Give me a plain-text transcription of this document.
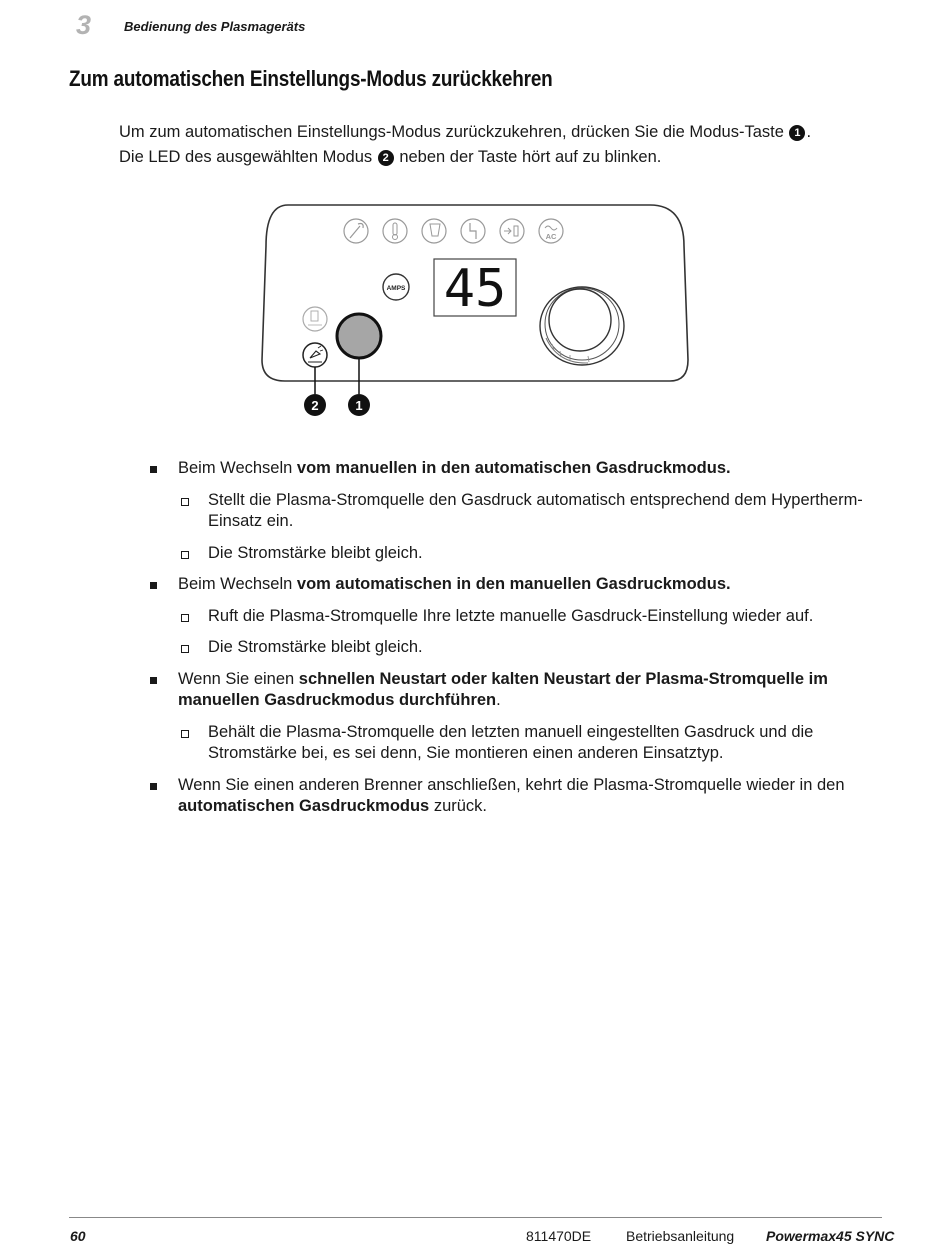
3	Bedienung des Plasmageräts
Zum automatischen Einstellungs-Modus zurückkehren

Um zum automatischen Einstellungs-Modus zurückzukehren, drücken Sie die Modus-Taste 1 .

Die LED des ausgewählten Modus 2 neben der Taste hört auf zu blinken.

AC
AMPS 45
2	1
Beim Wechseln vom manuellen in den automatischen Gasdruckmodus.
Stellt die Plasma-Stromquelle den Gasdruck automatisch entsprechend dem Hypertherm-Einsatz ein.
Die Stromstärke bleibt gleich.
Beim Wechseln vom automatischen in den manuellen Gasdruckmodus.
Ruft die Plasma-Stromquelle Ihre letzte manuelle Gasdruck-Einstellung wieder auf.
Die Stromstärke bleibt gleich.
Wenn Sie einen schnellen Neustart oder kalten Neustart der Plasma-Stromquelle im manuellen Gasdruckmodus durchführen.
Behält die Plasma-Stromquelle den letzten manuell eingestellten Gasdruck und die Stromstärke bei, es sei denn, Sie montieren einen anderen Einsatztyp.
Wenn Sie einen anderen Brenner anschließen, kehrt die Plasma-Stromquelle wieder in den automatischen Gasdruckmodus zurück.
60	811470DE Betriebsanleitung Powermax45 SYNC
